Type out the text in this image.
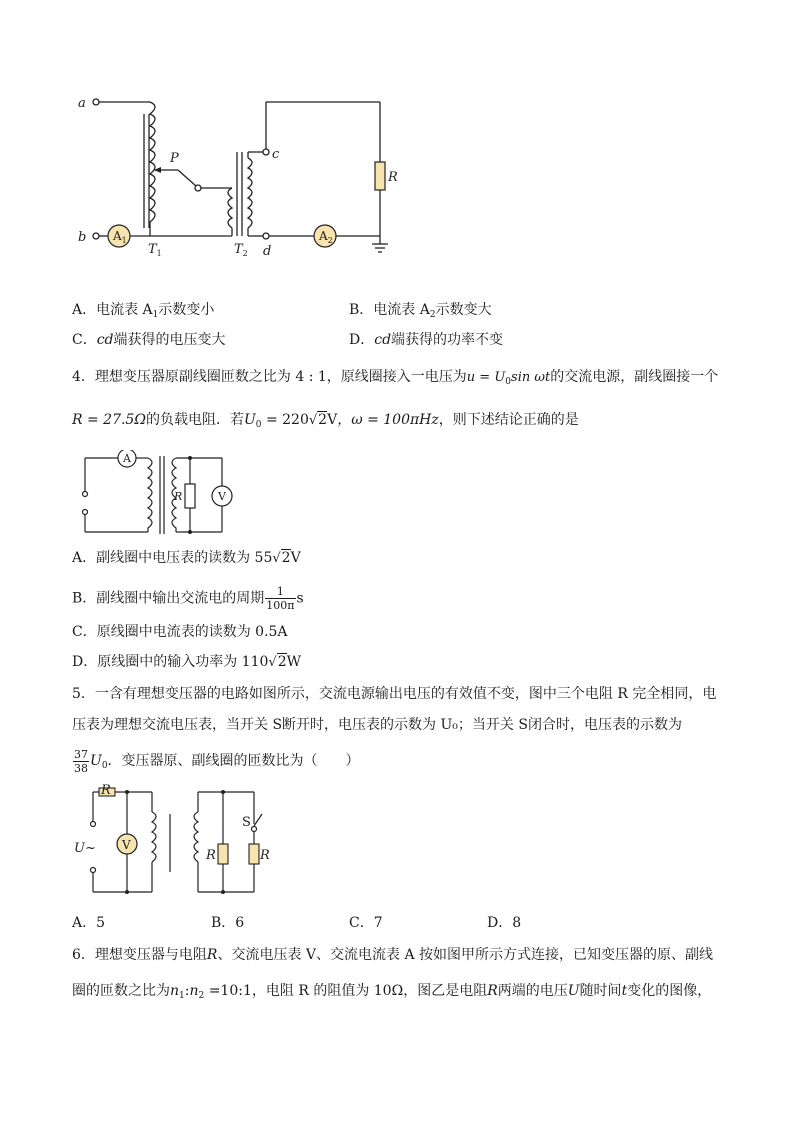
$A_1$	$A_2$
a
b
P	c
d
R
$T_1$	$T_2$
A．电流表 $A_1$示数变小	B．电流表 $A_2$示数变大
C．cd端获得的电压变大	D．cd端获得的功率不变
4．理想变压器原副线圈匝数之比为 4 : 1，原线圈接入一电压为$u = U_0\sin$ ωt的交流电源，副线圈接一个
R = 27.5Ω的负载电阻．若$U_0 = 220√2V$，ω = 100πHz，则下述结论正确的是
A
V
R
A．副线圈中电压表的读数为 55√2V
B．副线圈中输出交流电的周期 $\frac{1}{100\pi}$ s
C．原线圈中电流表的读数为 0.5A
D．原线圈中的输入功率为 110√2W
5．一含有理想变压器的电路如图所示，交流电源输出电压的有效值不变，图中三个电阻 R 完全相同，电
压表为理想交流电压表，当开关 S断开时，电压表的示数为 U₀；当开关 S闭合时，电压表的示数为
$\frac{37}{38} U_0$．变压器原、副线圈的匝数比为（　　）
R
U~ V
S
R	R
A．5	B．6	C．7	D．8
6．理想变压器与电阻R、交流电压表 V、交流电流表 A 按如图甲所示方式连接，已知变压器的原、副线
圈的匝数之比为$n_1:n_2$ =10:1，电阻 R 的阻值为 10Ω，图乙是电阻R两端的电压U随时间t变化的图像，
